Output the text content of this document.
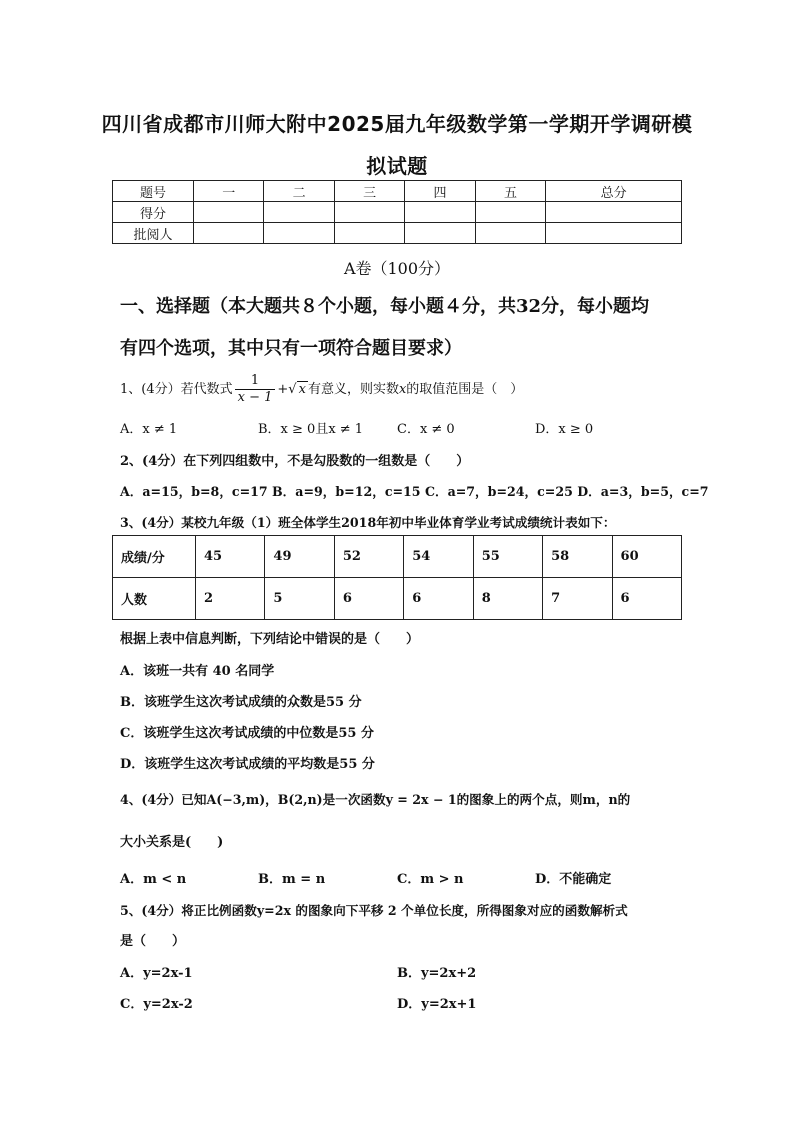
四川省成都市川师大附中2025届九年级数学第一学期开学调研模
拟试题
题号	一	二	三	四	五	总分
得分						
批阅人						
A卷（100分）
一、选择题（本大题共８个小题，每小题４分，共32分，每小题均
有四个选项，其中只有一项符合题目要求）
1、(4分）若代数式 $\frac{1}{x - 1}$ +√ x 有意义，则实数x的取值范围是（　）
A．x ≠ 1	B．x ≥ 0且x ≠ 1	C．x ≠ 0	D．x ≥ 0
2、(4分）在下列四组数中，不是勾股数的一组数是（　　）
A．a=15，b=8，c=17 B．a=9，b=12，c=15 C．a=7，b=24，c=25 D．a=3，b=5，c=7
3、(4分）某校九年级（1）班全体学生2018年初中毕业体育学业考试成绩统计表如下：
成绩/分	45	49	52	54	55	58	60
人数	2	5	6	6	8	7	6
根据上表中信息判断，下列结论中错误的是（　　）
A．该班一共有 40 名同学
B．该班学生这次考试成绩的众数是55 分
C．该班学生这次考试成绩的中位数是55 分
D．该班学生这次考试成绩的平均数是55 分
4、(4分）已知A(−3,m)，B(2,n)是一次函数y = 2x − 1的图象上的两个点，则m，n的
大小关系是(　　)
A．m < n	B．m = n	C．m > n	D．不能确定
5、(4分）将正比例函数y=2x 的图象向下平移 2 个单位长度，所得图象对应的函数解析式
是（　　）
A．y=2x-1	B．y=2x+2
C．y=2x-2	D．y=2x+1
